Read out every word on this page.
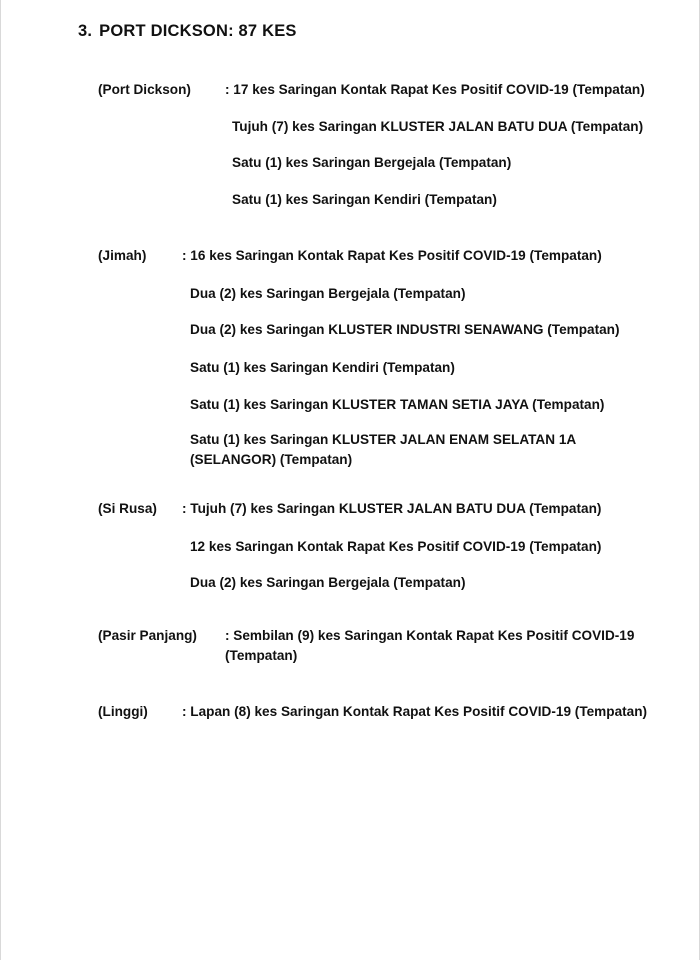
3. PORT DICKSON: 87 KES
(Port Dickson)	: 17 kes Saringan Kontak Rapat Kes Positif COVID-19 (Tempatan)
Tujuh (7) kes Saringan KLUSTER JALAN BATU DUA (Tempatan)
Satu (1) kes Saringan Bergejala (Tempatan)
Satu (1) kes Saringan Kendiri (Tempatan)
(Jimah)	: 16 kes Saringan Kontak Rapat Kes Positif COVID-19 (Tempatan)
Dua (2) kes Saringan Bergejala (Tempatan)
Dua (2) kes Saringan KLUSTER INDUSTRI SENAWANG (Tempatan)
Satu (1) kes Saringan Kendiri (Tempatan)
Satu (1) kes Saringan KLUSTER TAMAN SETIA JAYA (Tempatan)
Satu (1) kes Saringan KLUSTER JALAN ENAM SELATAN 1A (SELANGOR) (Tempatan)
(Si Rusa) : Tujuh (7) kes Saringan KLUSTER JALAN BATU DUA (Tempatan)
12 kes Saringan Kontak Rapat Kes Positif COVID-19 (Tempatan)
Dua (2) kes Saringan Bergejala (Tempatan)
(Pasir Panjang) : Sembilan (9) kes Saringan Kontak Rapat Kes Positif COVID-19 (Tempatan)
(Linggi)	: Lapan (8) kes Saringan Kontak Rapat Kes Positif COVID-19 (Tempatan)
